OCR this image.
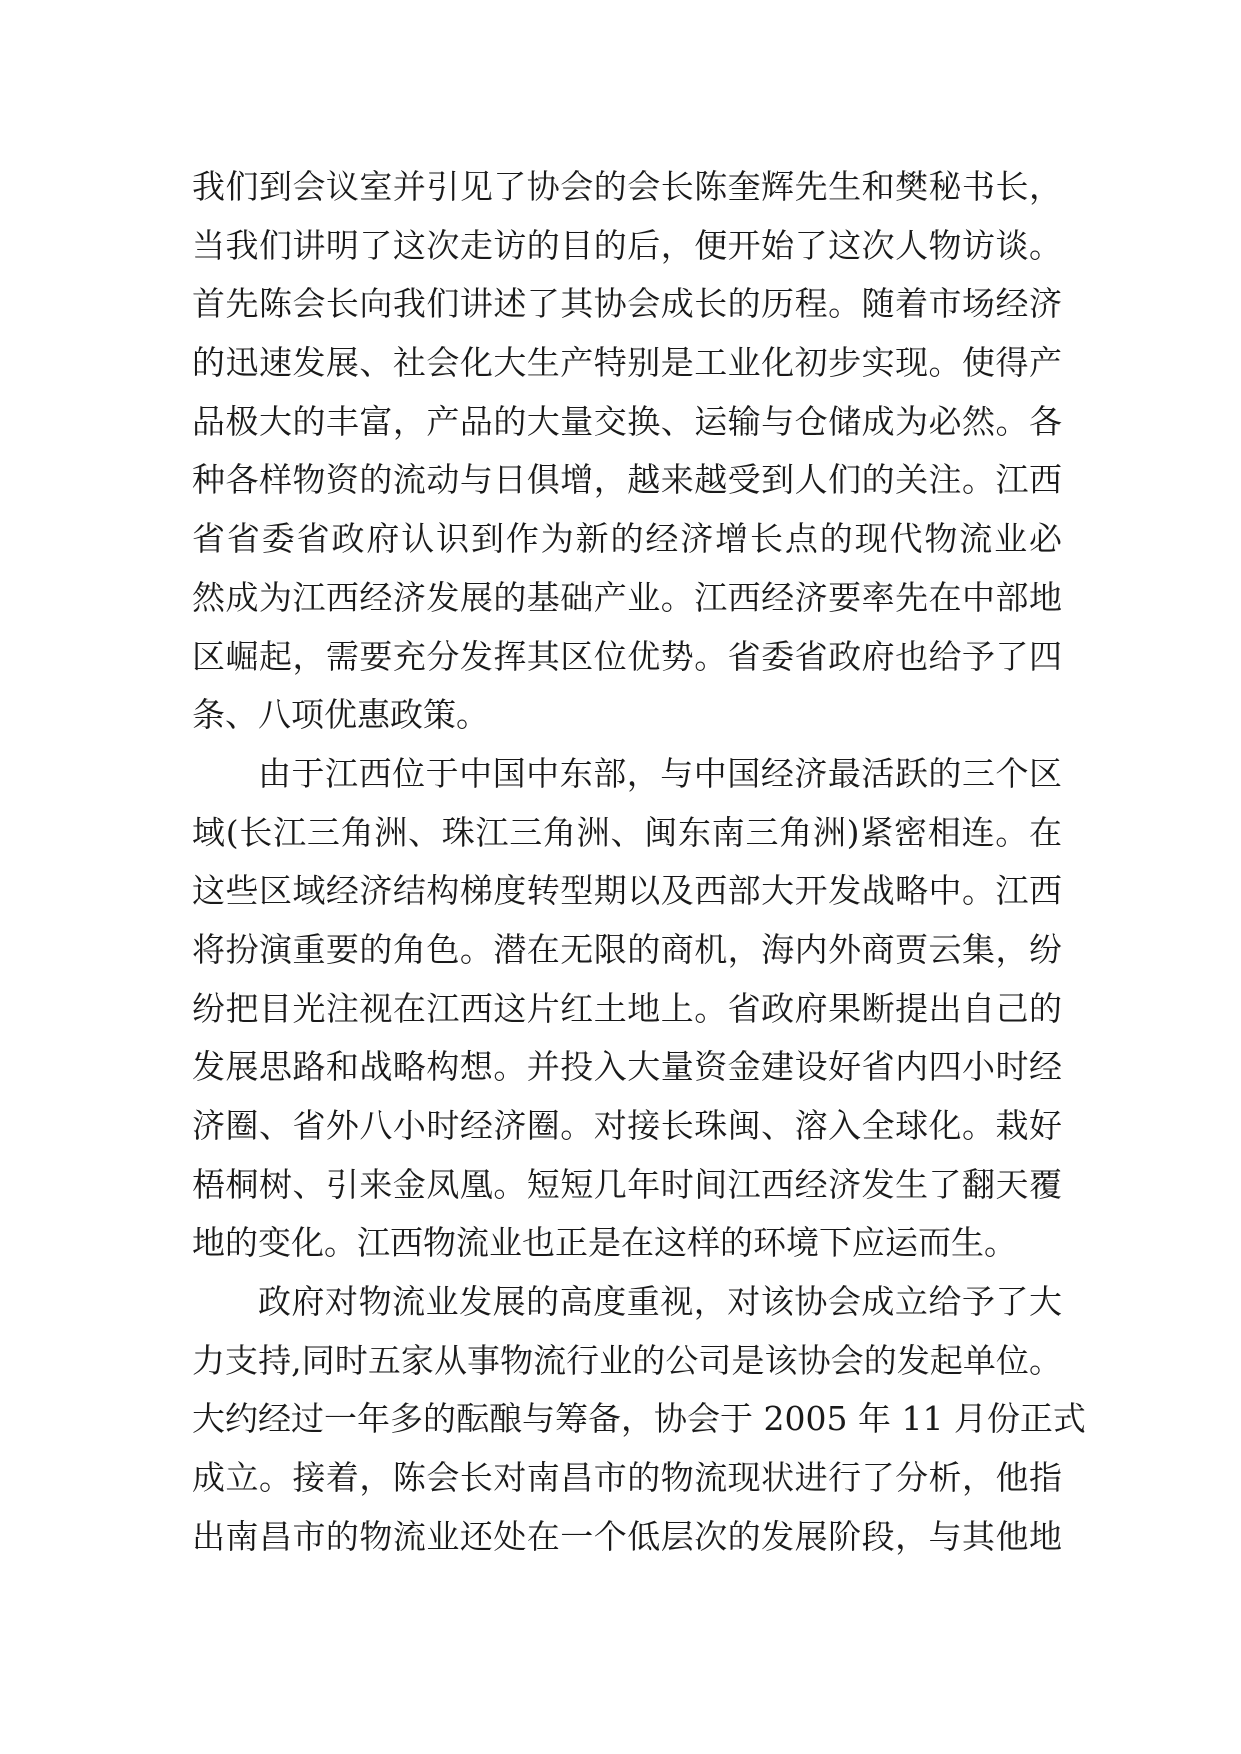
我们到会议室并引见了协会的会长陈奎辉先生和樊秘书长，
当我们讲明了这次走访的目的后，便开始了这次人物访谈。
首先陈会长向我们讲述了其协会成长的历程。随着市场经济
的迅速发展、社会化大生产特别是工业化初步实现。使得产
品极大的丰富，产品的大量交换、运输与仓储成为必然。各
种各样物资的流动与日俱增，越来越受到人们的关注。江西
省省委省政府认识到作为新的经济增长点的现代物流业必
然成为江西经济发展的基础产业。江西经济要率先在中部地
区崛起，需要充分发挥其区位优势。省委省政府也给予了四
条、八项优惠政策。
由于江西位于中国中东部，与中国经济最活跃的三个区
域(长江三角洲、珠江三角洲、闽东南三角洲)紧密相连。在
这些区域经济结构梯度转型期以及西部大开发战略中。江西
将扮演重要的角色。潜在无限的商机，海内外商贾云集，纷
纷把目光注视在江西这片红土地上。省政府果断提出自己的
发展思路和战略构想。并投入大量资金建设好省内四小时经
济圈、省外八小时经济圈。对接长珠闽、溶入全球化。栽好
梧桐树、引来金凤凰。短短几年时间江西经济发生了翻天覆
地的变化。江西物流业也正是在这样的环境下应运而生。
政府对物流业发展的高度重视，对该协会成立给予了大
力支持,同时五家从事物流行业的公司是该协会的发起单位。
大约经过一年多的酝酿与筹备，协会于 2005 年 11 月份正式
成立。接着，陈会长对南昌市的物流现状进行了分析，他指
出南昌市的物流业还处在一个低层次的发展阶段，与其他地
